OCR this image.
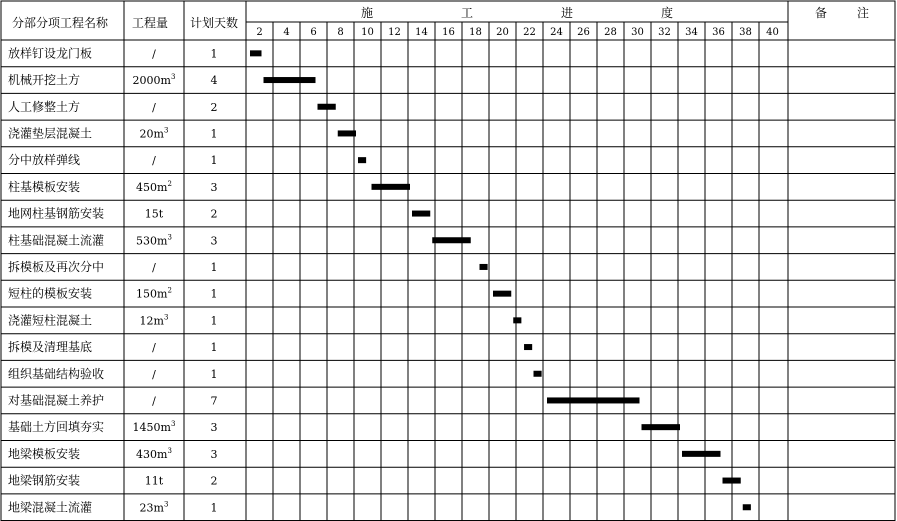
分部分项工程名称 工程量 计划天数
施	工	进	度	备 注
2 4 6 8 10 12 14 16 18 20 22 24 26 28 30 32 34 36 38 40
放样钉设龙门板	/	1
机械开挖土方	$2000m^3$	4
人工修整土方	/	2
浇灌垫层混凝土	$20m^3$	1
分中放样弹线	/	1
柱基模板安装	$450m^2$	3
地网柱基钢筋安装	15t	2
柱基础混凝土流灌	$530m^3$	3
拆模板及再次分中	/	1
短柱的模板安装	$150m^2$	1
浇灌短柱混凝土	$12m^3$	1
拆模及清理基底	/	1
组织基础结构验收	/	1
对基础混凝土养护	/	7
基础土方回填夯实	$1450m^3$	3
地梁模板安装	$430m^3$	3
地梁钢筋安装	11t	2
地梁混凝土流灌	$23m^3$	1
